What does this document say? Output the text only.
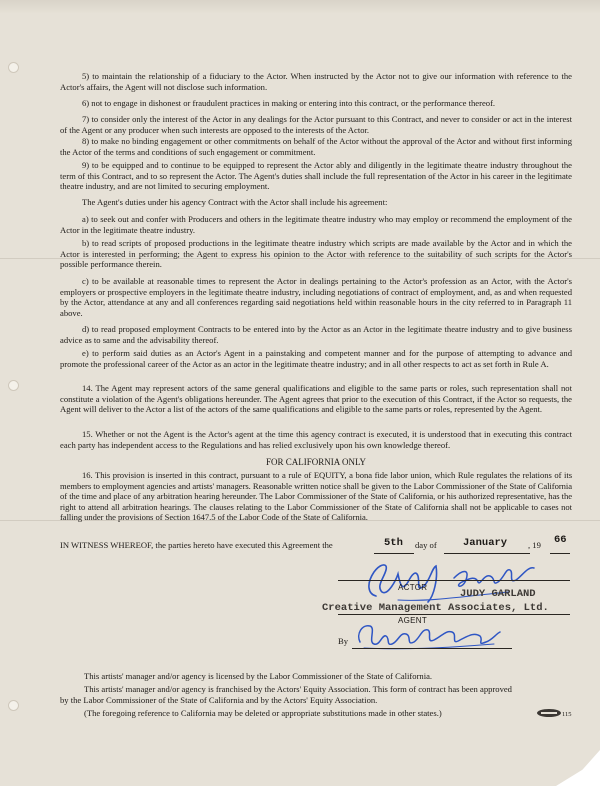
5) to maintain the relationship of a fiduciary to the Actor. When instructed by the Actor not to give our information with reference to the Actor's affairs, the Agent will not disclose such information.
6) not to engage in dishonest or fraudulent practices in making or entering into this contract, or the performance thereof.
7) to consider only the interest of the Actor in any dealings for the Actor pursuant to this Contract, and never to consider or act in the interest of the Agent or any producer when such interests are opposed to the interests of the Actor.
8) to make no binding engagement or other commitments on behalf of the Actor without the approval of the Actor and without first informing the Actor of the terms and conditions of such engagement or commitment.
9) to be equipped and to continue to be equipped to represent the Actor ably and diligently in the legitimate theatre industry throughout the term of this Contract, and to so represent the Actor. The Agent's duties shall include the full representation of the Actor in his career in the legitimate theatre industry, and are not limited to securing employment.
The Agent's duties under his agency Contract with the Actor shall include his agreement:
a) to seek out and confer with Producers and others in the legitimate theatre industry who may employ or recommend the employment of the Actor in the legitimate theatre industry.
b) to read scripts of proposed productions in the legitimate theatre industry which scripts are made available by the Actor and in which the Actor is interested in performing; the Agent to express his opinion to the Actor with reference to the suitability of such scripts for the Actor's possible performance therein.
c) to be available at reasonable times to represent the Actor in dealings pertaining to the Actor's profession as an Actor, with the Actor's employers or prospective employers in the legitimate theatre industry, including negotiations of contract of employment, and, as and when requested by the Actor, attendance at any and all conferences regarding said negotiations held within reasonable hours in the city referred to in Paragraph 11 above.
d) to read proposed employment Contracts to be entered into by the Actor as an Actor in the legitimate theatre industry and to give business advice as to same and the advisability thereof.
e) to perform said duties as an Actor's Agent in a painstaking and competent manner and for the purpose of attempting to advance and promote the professional career of the Actor as an actor in the legitimate theatre industry; and in all other respects to act as set forth in Rule A.
14. The Agent may represent actors of the same general qualifications and eligible to the same parts or roles, such representation shall not constitute a violation of the Agent's obligations hereunder. The Agent agrees that prior to the execution of this Contract, if the Actor so requests, the Agent will deliver to the Actor a list of the actors of the same qualifications and eligible to the same parts or roles, represented by the Agent.
15. Whether or not the Agent is the Actor's agent at the time this agency contract is executed, it is understood that in executing this contract each party has independent access to the Regulations and has relied exclusively upon his own knowledge thereof.
FOR CALIFORNIA ONLY
16. This provision is inserted in this contract, pursuant to a rule of EQUITY, a bona fide labor union, which Rule regulates the relations of its members to employment agencies and artists' managers. Reasonable written notice shall be given to the Labor Commissioner of the State of California of the time and place of any arbitration hearing hereunder. The Labor Commissioner of the State of California, or his authorized representative, has the right to attend all arbitration hearings. The clauses relating to the Labor Commissioner of the State of California shall not be applicable to cases not falling under the provisions of Section 1647.5 of the Labor Code of the State of California.
IN WITNESS WHEREOF, the parties hereto have executed this Agreement the	5th day of	January , 19 66
ACTOR
JUDY GARLAND
Creative Management Associates, Ltd.
AGENT
By
This artists' manager and/or agency is licensed by the Labor Commissioner of the State of California.
This artists' manager and/or agency is franchised by the Actors' Equity Association. This form of contract has been approved
by the Labor Commissioner of the State of California and by the Actors' Equity Association.
(The foregoing reference to California may be deleted or appropriate substitutions made in other states.)	115
